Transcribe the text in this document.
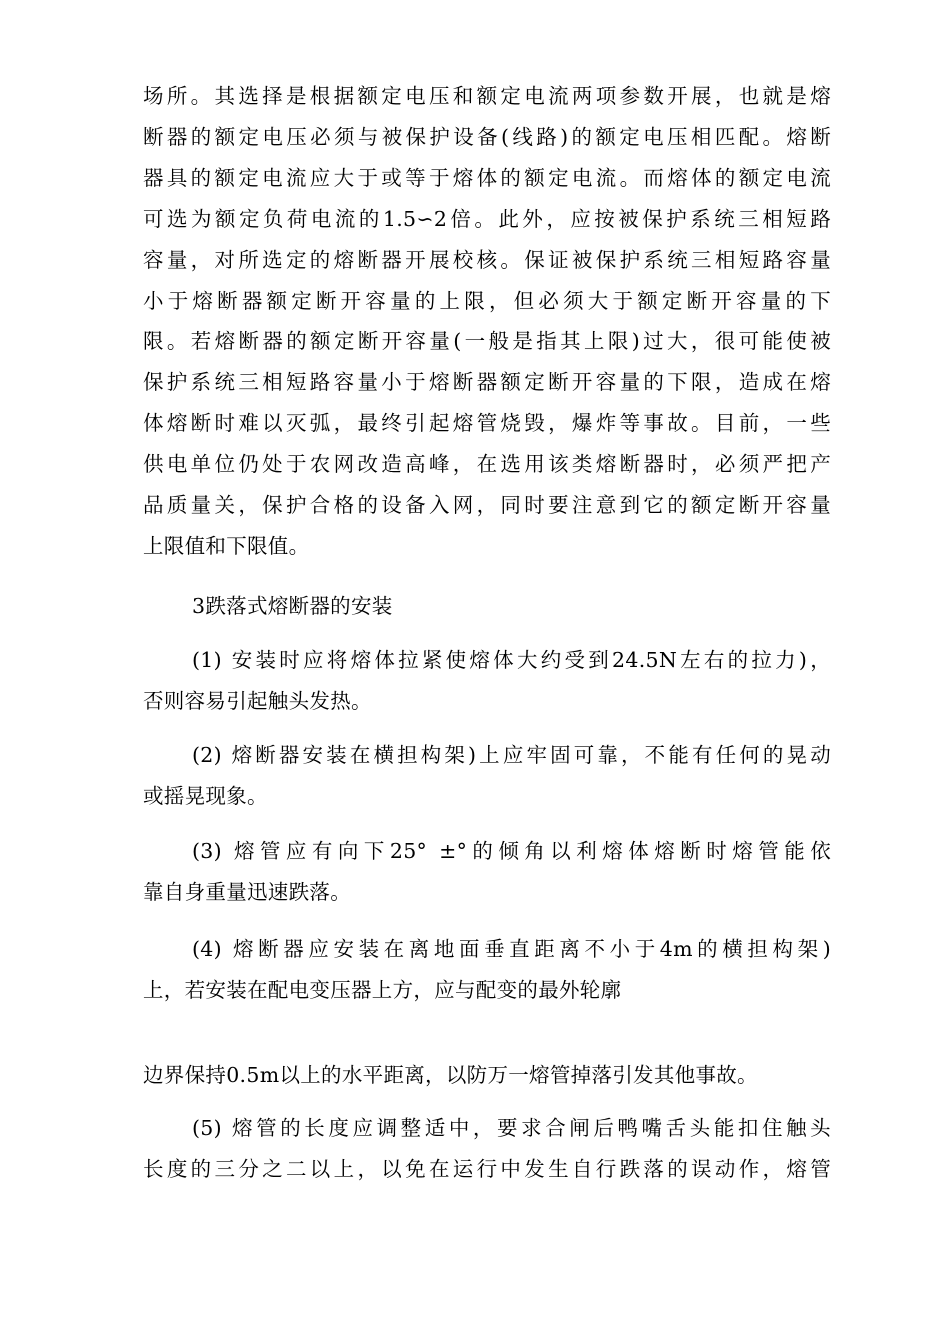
场所。其选择是根据额定电压和额定电流两项参数开展，也就是熔
断器的额定电压必须与被保护设备(线路)的额定电压相匹配。熔断
器具的额定电流应大于或等于熔体的额定电流。而熔体的额定电流
可选为额定负荷电流的1.5∽2倍。此外，应按被保护系统三相短路
容量，对所选定的熔断器开展校核。保证被保护系统三相短路容量
小于熔断器额定断开容量的上限，但必须大于额定断开容量的下
限。若熔断器的额定断开容量(一般是指其上限)过大，很可能使被
保护系统三相短路容量小于熔断器额定断开容量的下限，造成在熔
体熔断时难以灭弧，最终引起熔管烧毁，爆炸等事故。目前，一些
供电单位仍处于农网改造高峰，在选用该类熔断器时，必须严把产
品质量关，保护合格的设备入网，同时要注意到它的额定断开容量
上限值和下限值。

3跌落式熔断器的安装

(1) 安装时应将熔体拉紧使熔体大约受到24.5N左右的拉力)，
否则容易引起触头发热。

(2) 熔断器安装在横担构架)上应牢固可靠，不能有任何的晃动
或摇晃现象。

(3) 熔管应有向下25° ±°的倾角以利熔体熔断时熔管能依
靠自身重量迅速跌落。

(4) 熔断器应安装在离地面垂直距离不小于4m的横担构架)
上，若安装在配电变压器上方，应与配变的最外轮廓

边界保持0.5m以上的水平距离，以防万一熔管掉落引发其他事故。

(5) 熔管的长度应调整适中，要求合闸后鸭嘴舌头能扣住触头
长度的三分之二以上，以免在运行中发生自行跌落的误动作，熔管
